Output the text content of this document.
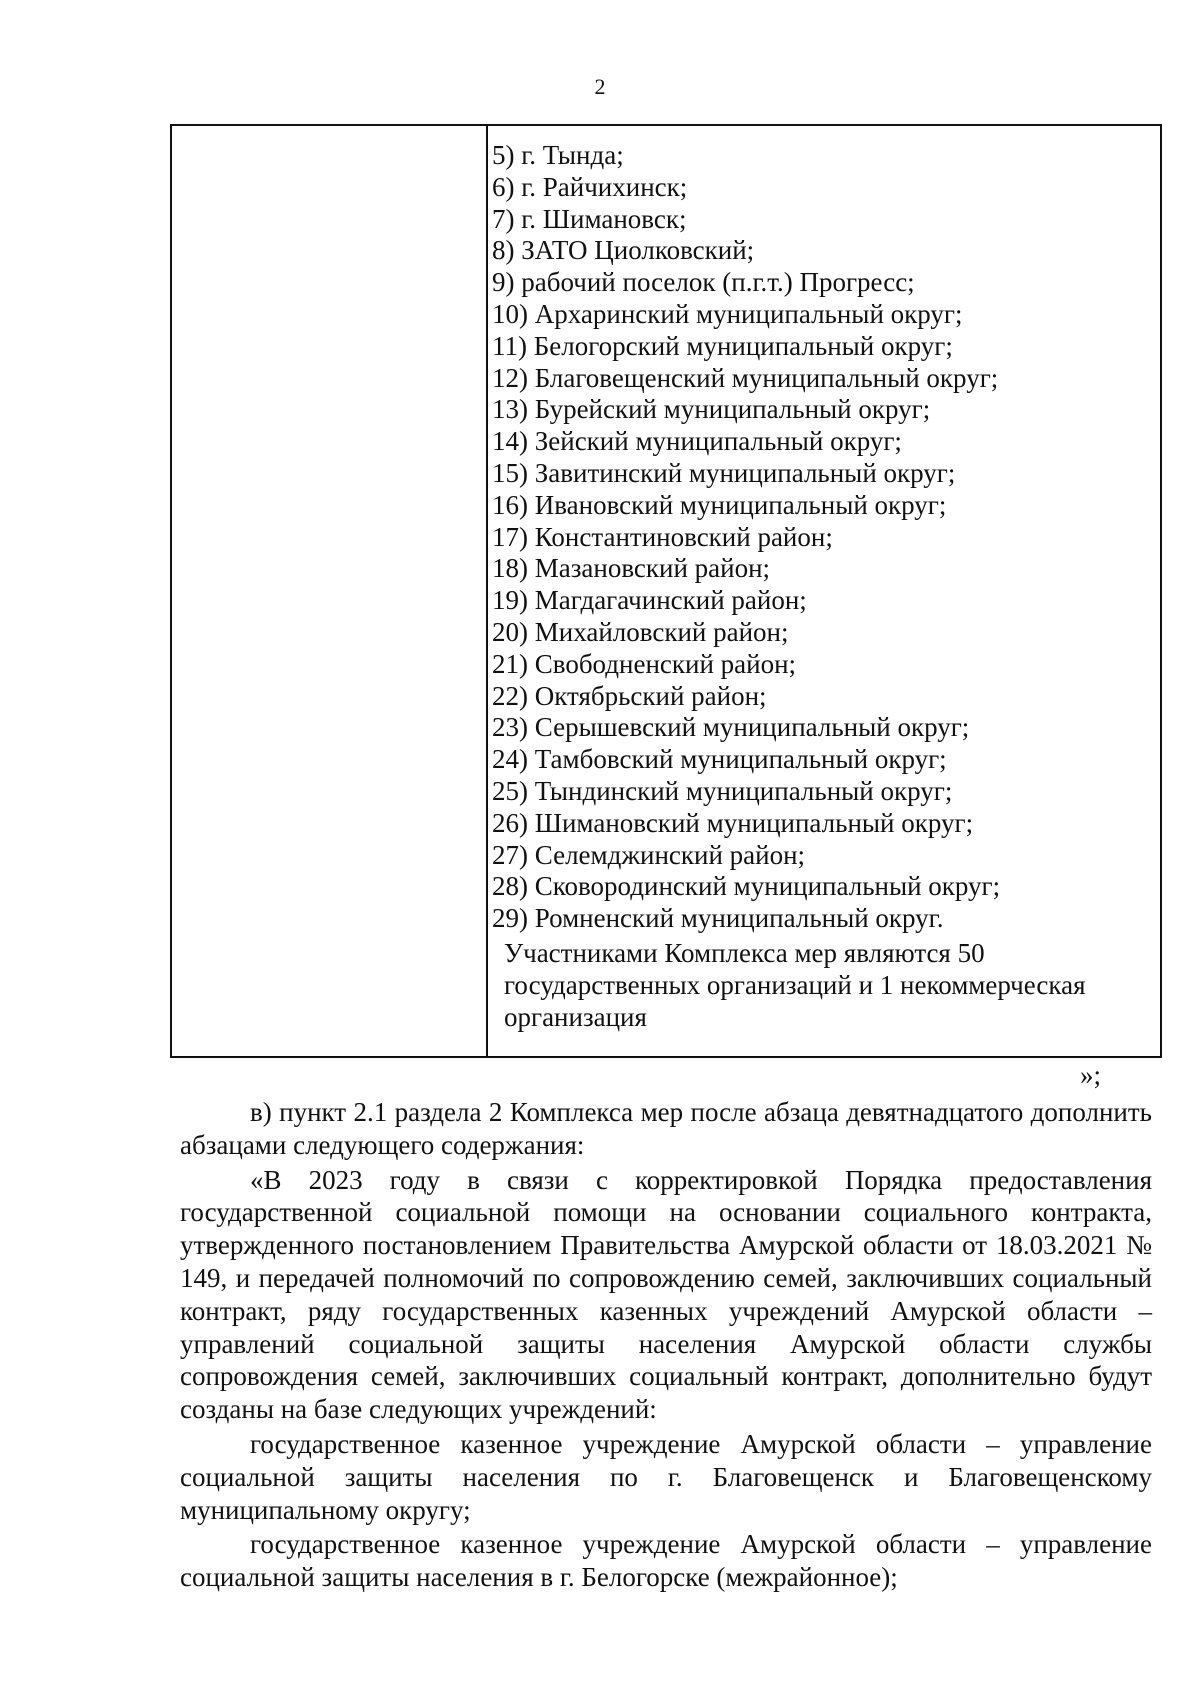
2

5) г. Тында;

6) г. Райчихинск;

7) г. Шимановск;

8) ЗАТО Циолковский;

9) рабочий поселок (п.г.т.) Прогресс;

10) Архаринский муниципальный округ;

11) Белогорский муниципальный округ;

12) Благовещенский муниципальный округ;

13) Бурейский муниципальный округ;

14) Зейский муниципальный округ;

15) Завитинский муниципальный округ;

16) Ивановский муниципальный округ;

17) Константиновский район;

18) Мазановский район;

19) Магдагачинский район;

20) Михайловский район;

21) Свободненский район;

22) Октябрьский район;

23) Серышевский муниципальный округ;

24) Тамбовский муниципальный округ;

25) Тындинский муниципальный округ;

26) Шимановский муниципальный округ;

27) Селемджинский район;

28) Сковородинский муниципальный округ;

29) Ромненский муниципальный округ.

Участниками Комплекса мер являются 50 государственных организаций и 1 некоммерческая организация

»;

в) пункт 2.1 раздела 2 Комплекса мер после абзаца девятнадцатого дополнить абзацами следующего содержания:

«В 2023 году в связи с корректировкой Порядка предоставления государственной социальной помощи на основании социального контракта, утвержденного постановлением Правительства Амурской области от 18.03.2021 № 149, и передачей полномочий по сопровождению семей, заключивших социальный контракт, ряду государственных казенных учреждений Амурской области – управлений социальной защиты населения Амурской области службы сопровождения семей, заключивших социальный контракт, дополнительно будут созданы на базе следующих учреждений:

государственное казенное учреждение Амурской области – управление социальной защиты населения по г. Благовещенск и Благовещенскому муниципальному округу;

государственное казенное учреждение Амурской области – управление социальной защиты населения в г. Белогорске (межрайонное);
